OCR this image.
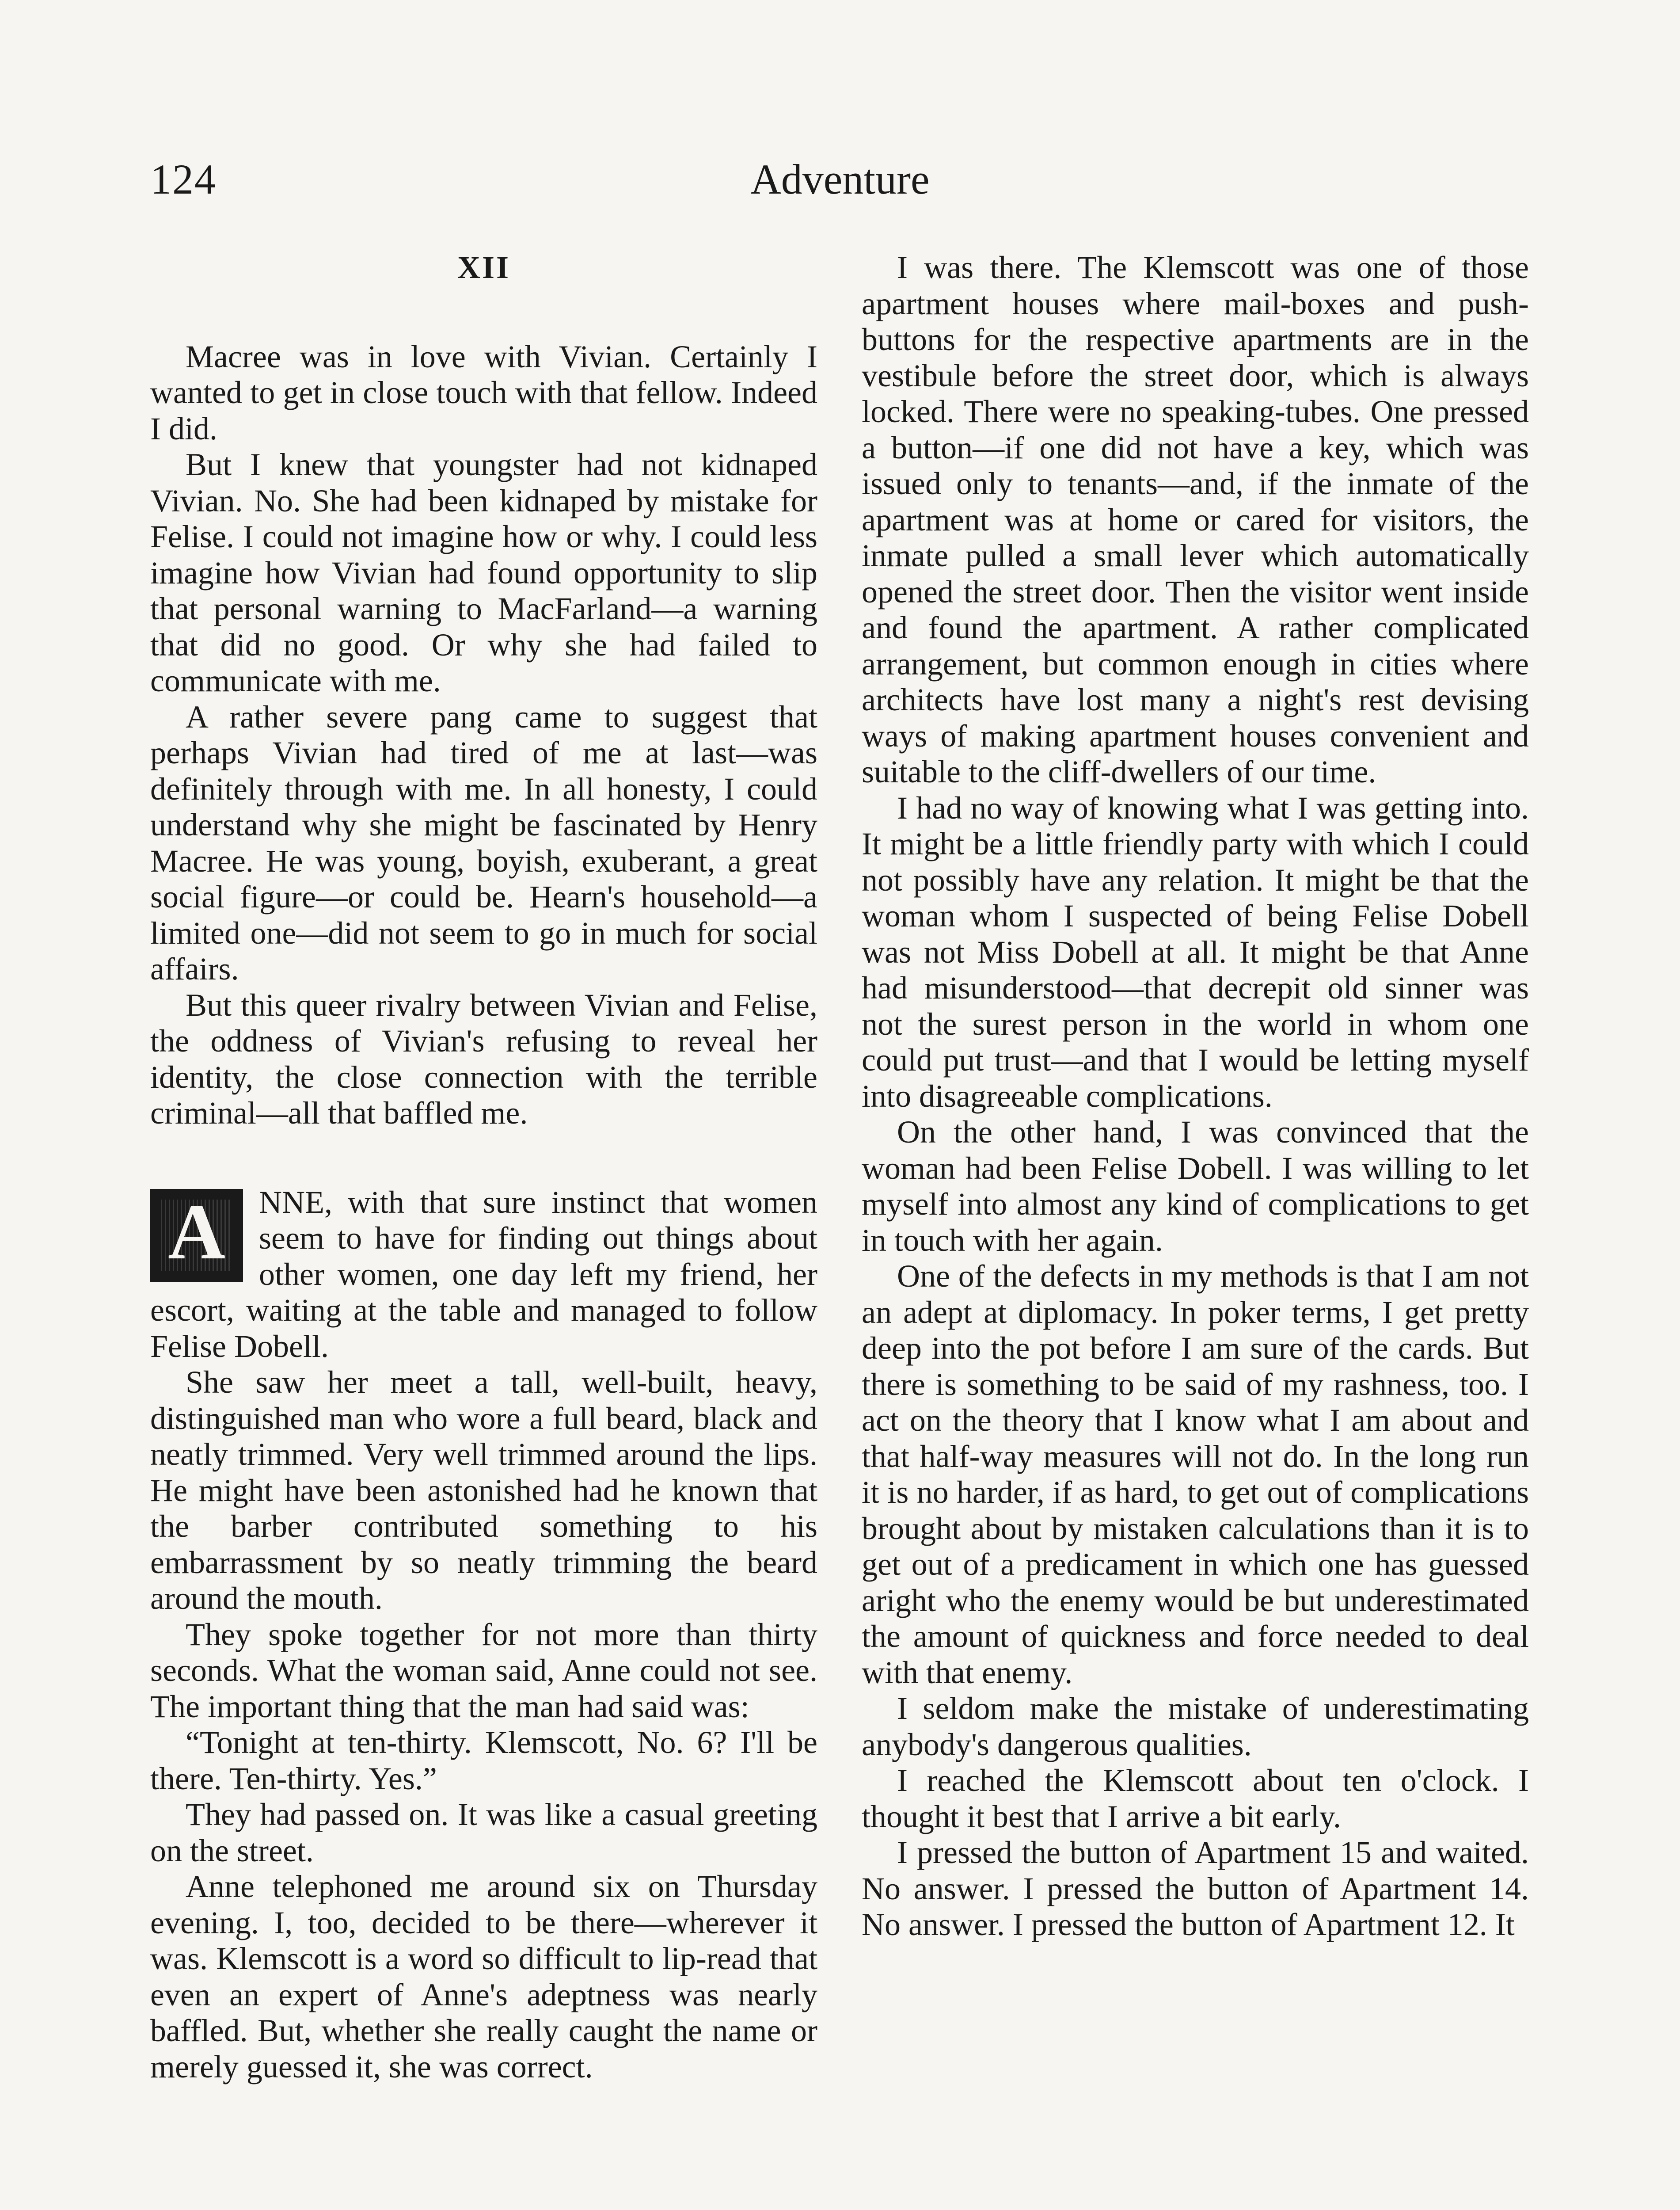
124	Adventure
XII

Macree was in love with Vivian. Certainly I wanted to get in close touch with that fellow. Indeed I did.

But I knew that youngster had not kidnaped Vivian. No. She had been kidnaped by mistake for Felise. I could not imagine how or why. I could less imagine how Vivian had found opportunity to slip that personal warning to MacFarland—a warning that did no good. Or why she had failed to communicate with me.

A rather severe pang came to suggest that perhaps Vivian had tired of me at last—was definitely through with me. In all honesty, I could understand why she might be fascinated by Henry Macree. He was young, boyish, exuberant, a great social figure—or could be. Hearn's household—a limited one—did not seem to go in much for social affairs.

But this queer rivalry between Vivian and Felise, the oddness of Vivian's refusing to reveal her identity, the close connection with the terrible criminal—all that baffled me.

A	NNE, with that sure instinct that women seem to have for finding out things about other women, one day left my friend, her escort, waiting at the table and managed to follow Felise Dobell.

She saw her meet a tall, well-built, heavy, distinguished man who wore a full beard, black and neatly trimmed. Very well trimmed around the lips. He might have been astonished had he known that the barber contributed something to his embarrassment by so neatly trimming the beard around the mouth.

They spoke together for not more than thirty seconds. What the woman said, Anne could not see. The important thing that the man had said was:

“Tonight at ten-thirty. Klemscott, No. 6? I'll be there. Ten-thirty. Yes.”

They had passed on. It was like a casual greeting on the street.

Anne telephoned me around six on Thursday evening. I, too, decided to be there—wherever it was. Klemscott is a word so difficult to lip-read that even an expert of Anne's adeptness was nearly baffled. But, whether she really caught the name or merely guessed it, she was correct.

I was there. The Klemscott was one of those apartment houses where mail-boxes and push-buttons for the respective apartments are in the vestibule before the street door, which is always locked. There were no speaking-tubes. One pressed a button—if one did not have a key, which was issued only to tenants—and, if the inmate of the apartment was at home or cared for visitors, the inmate pulled a small lever which automatically opened the street door. Then the visitor went inside and found the apartment. A rather complicated arrangement, but common enough in cities where architects have lost many a night's rest devising ways of making apartment houses convenient and suitable to the cliff-dwellers of our time.

I had no way of knowing what I was getting into. It might be a little friendly party with which I could not possibly have any relation. It might be that the woman whom I suspected of being Felise Dobell was not Miss Dobell at all. It might be that Anne had misunderstood—that decrepit old sinner was not the surest person in the world in whom one could put trust—and that I would be letting myself into disagreeable complications.

On the other hand, I was convinced that the woman had been Felise Dobell. I was willing to let myself into almost any kind of complications to get in touch with her again.

One of the defects in my methods is that I am not an adept at diplomacy. In poker terms, I get pretty deep into the pot before I am sure of the cards. But there is something to be said of my rashness, too. I act on the theory that I know what I am about and that half-way measures will not do. In the long run it is no harder, if as hard, to get out of complications brought about by mistaken calculations than it is to get out of a predicament in which one has guessed aright who the enemy would be but underestimated the amount of quickness and force needed to deal with that enemy.

I seldom make the mistake of underestimating anybody's dangerous qualities.

I reached the Klemscott about ten o'clock. I thought it best that I arrive a bit early.

I pressed the button of Apartment 15 and waited. No answer. I pressed the button of Apartment 14. No answer. I pressed the button of Apartment 12. It
